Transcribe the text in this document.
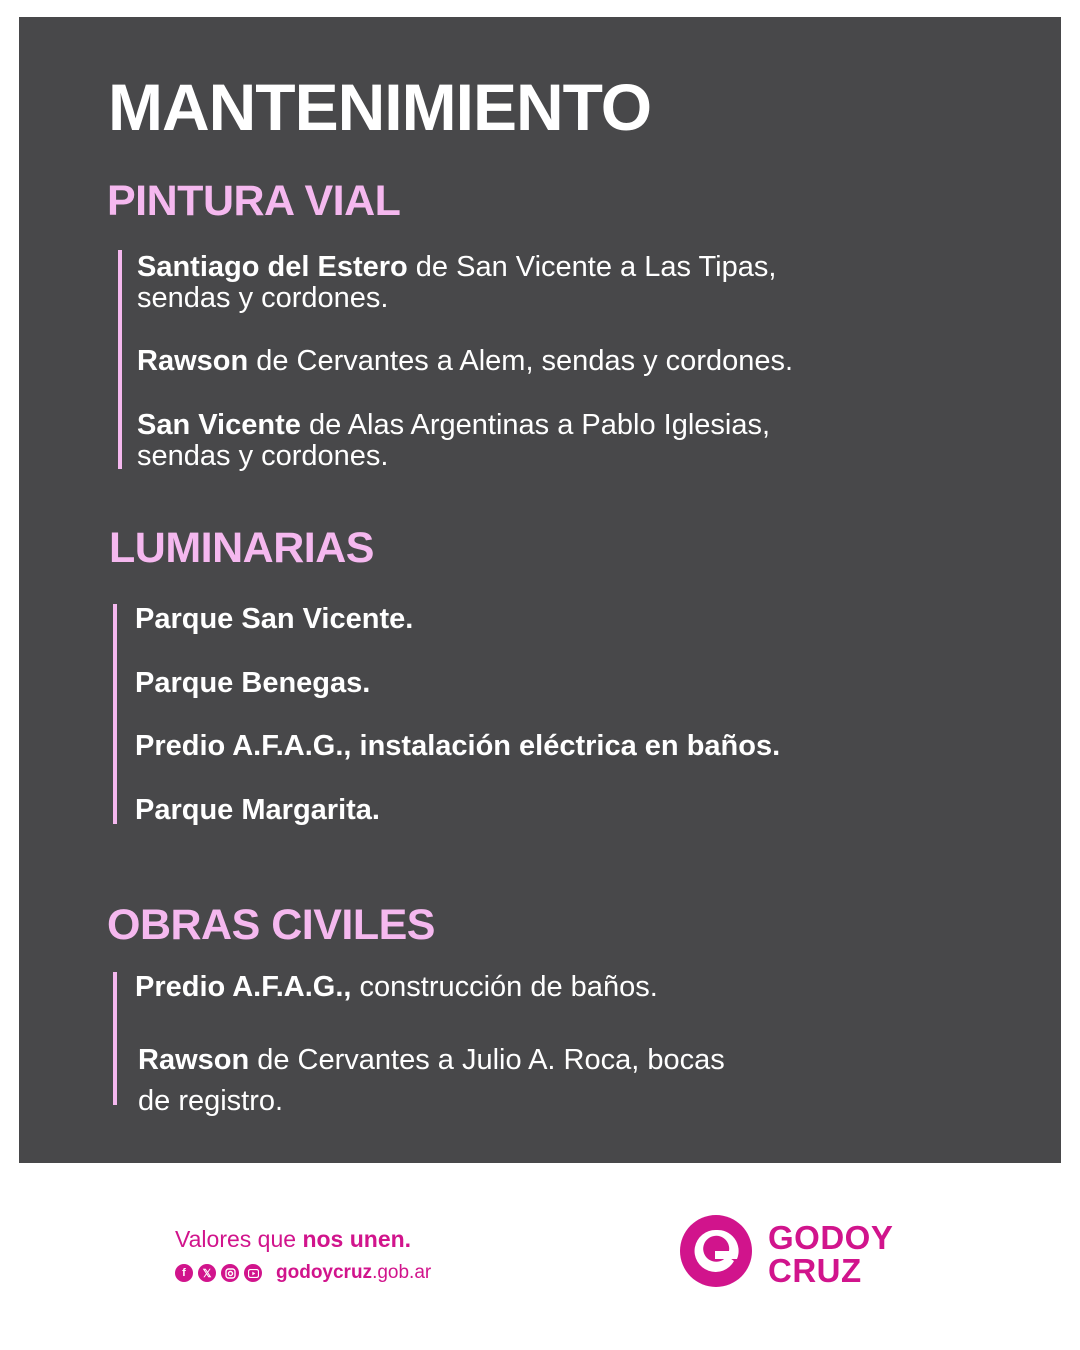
MANTENIMIENTO
PINTURA VIAL

Santiago del Estero de San Vicente a Las Tipas,
sendas y cordones.

Rawson de Cervantes a Alem, sendas y cordones.

San Vicente de Alas Argentinas a Pablo Iglesias,
sendas y cordones.

LUMINARIAS

Parque San Vicente.

Parque Benegas.

Predio A.F.A.G., instalación eléctrica en baños.

Parque Margarita.

OBRAS CIVILES

Predio A.F.A.G., construcción de baños.

Rawson de Cervantes a Julio A. Roca, bocas
de registro.

Valores que nos unen.
f	𝕏	godoycruz.gob.ar
GODOY
CRUZ
